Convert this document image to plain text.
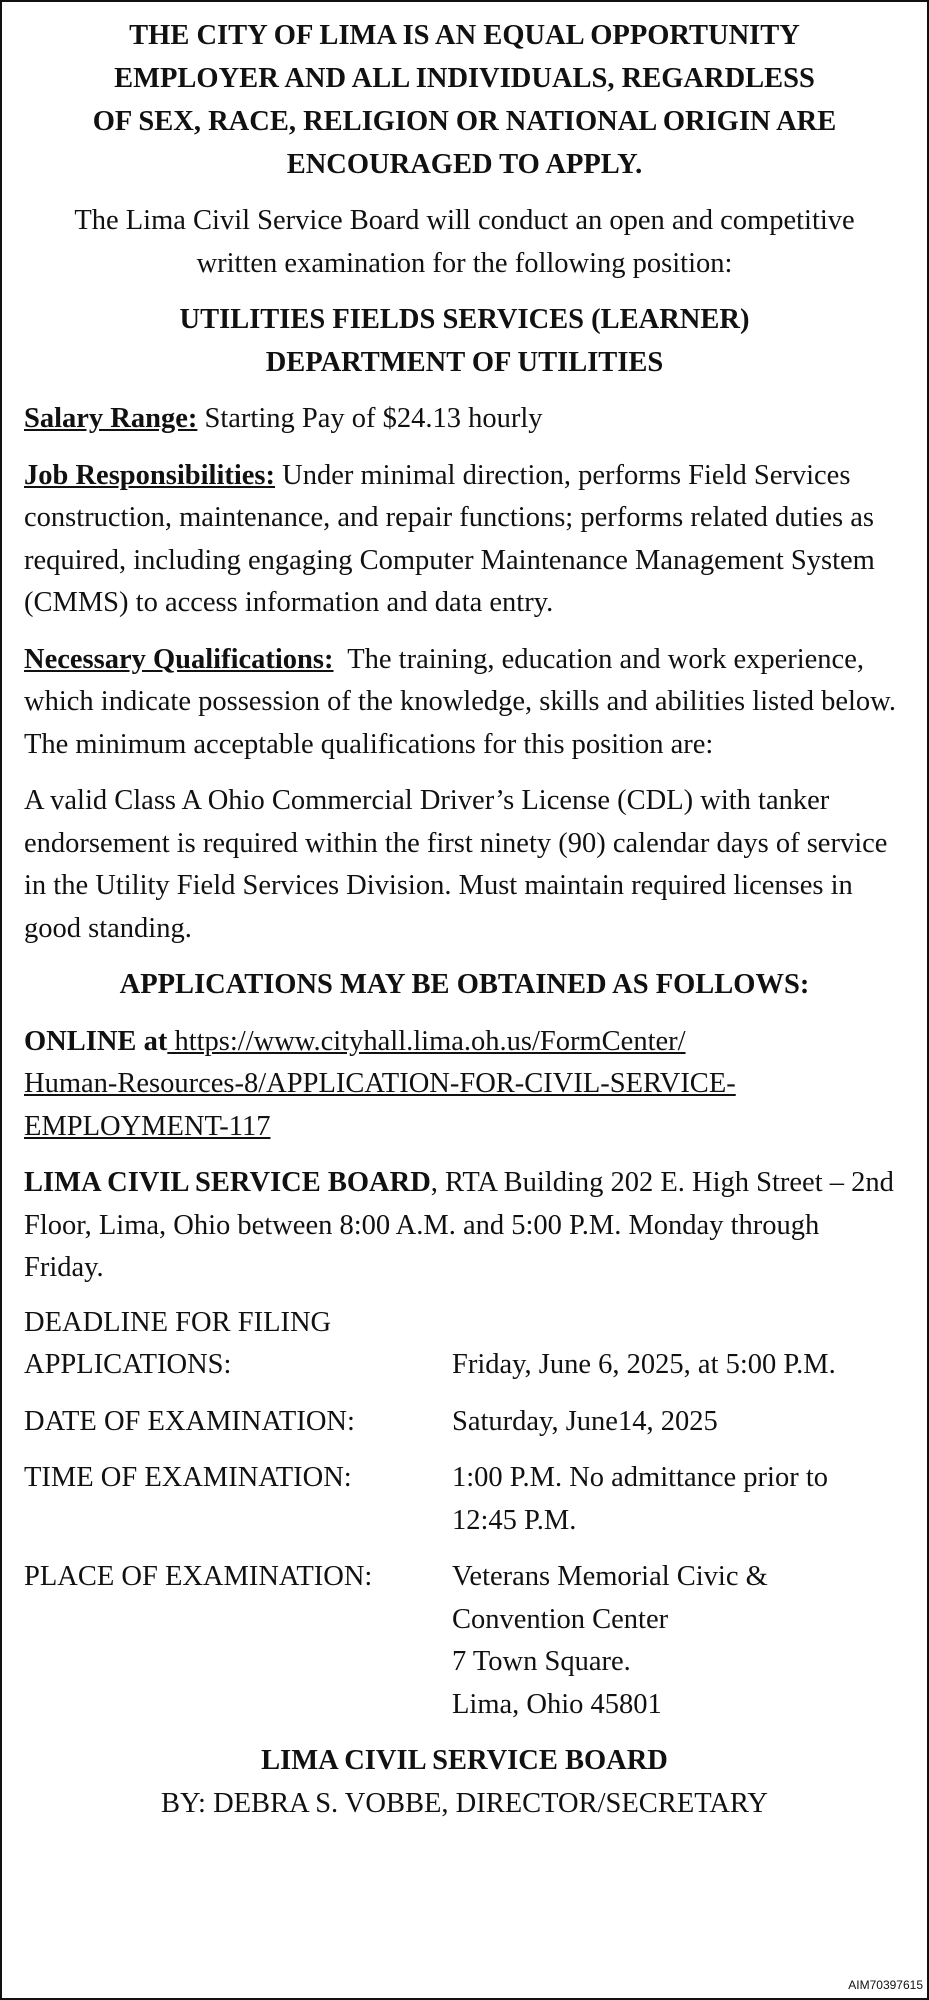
THE CITY OF LIMA IS AN EQUAL OPPORTUNITY
EMPLOYER AND ALL INDIVIDUALS, REGARDLESS
OF SEX, RACE, RELIGION OR NATIONAL ORIGIN ARE
ENCOURAGED TO APPLY.
The Lima Civil Service Board will conduct an open and competitive written examination for the following position:
UTILITIES FIELDS SERVICES (LEARNER)
DEPARTMENT OF UTILITIES
Salary Range: Starting Pay of $24.13 hourly
Job Responsibilities: Under minimal direction, performs Field Services construction, maintenance, and repair functions; performs related duties as required, including engaging Computer Maintenance Management System (CMMS) to access information and data entry.
Necessary Qualifications:  The training, education and work experience, which indicate possession of the knowledge, skills and abilities listed below.  The minimum acceptable qualifications for this position are:
A valid Class A Ohio Commercial Driver’s License (CDL) with tanker endorsement is required within the first ninety (90) calendar days of service in the Utility Field Services Division. Must maintain required licenses in good standing.
APPLICATIONS MAY BE OBTAINED AS FOLLOWS:
ONLINE at https://www.cityhall.lima.oh.us/FormCenter/
Human-Resources-8/APPLICATION-FOR-CIVIL-SERVICE-
EMPLOYMENT-117
LIMA CIVIL SERVICE BOARD, RTA Building 202 E. High Street – 2nd Floor, Lima, Ohio between 8:00 A.M. and 5:00 P.M. Monday through Friday.
DEADLINE FOR FILING
APPLICATIONS:
	Friday, June 6, 2025, at 5:00 P.M.
DATE OF EXAMINATION:	Saturday, June14, 2025
TIME OF EXAMINATION:	1:00 P.M. No admittance prior to
12:45 P.M.
PLACE OF EXAMINATION:	Veterans Memorial Civic &
Convention Center
7 Town Square.
Lima, Ohio 45801
LIMA CIVIL SERVICE BOARD
BY: DEBRA S. VOBBE, DIRECTOR/SECRETARY
AIM70397615
